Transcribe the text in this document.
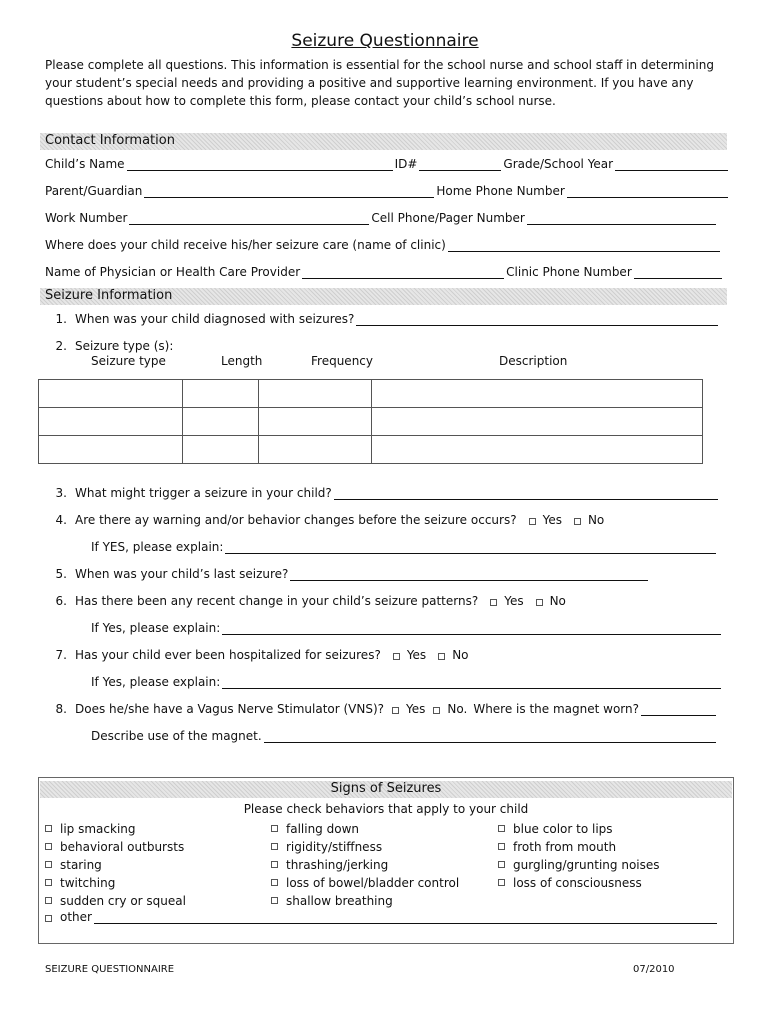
Seizure Questionnaire
Please complete all questions. This information is essential for the school nurse and school staff in determining your student’s special needs and providing a positive and supportive learning environment. If you have any questions about how to complete this form, please contact your child’s school nurse.
Contact Information
Child’s Name	ID#	Grade/School Year
Parent/Guardian	Home Phone Number
Work Number	Cell Phone/Pager Number
Where does your child receive his/her seizure care (name of clinic)
Name of Physician or Health Care Provider	Clinic Phone Number
Seizure Information
1. When was your child diagnosed with seizures?
2. Seizure type (s):
Seizure type	Length	Frequency	Description

3. What might trigger a seizure in your child?
4. Are there ay warning and/or behavior changes before the seizure occurs? Yes No
If YES, please explain:
5. When was your child’s last seizure?
6. Has there been any recent change in your child’s seizure patterns? Yes No
If Yes, please explain:
7. Has your child ever been hospitalized for seizures? Yes No
If Yes, please explain:
8. Does he/she have a Vagus Nerve Stimulator (VNS)? Yes No. Where is the magnet worn?
Describe use of the magnet.
Signs of Seizures
Please check behaviors that apply to your child
lip smacking
behavioral outbursts
staring
twitching
sudden cry or squeal
falling down
rigidity/stiffness
thrashing/jerking
loss of bowel/bladder control
shallow breathing
blue color to lips
froth from mouth
gurgling/grunting noises
loss of consciousness
other
SEIZURE QUESTIONNAIRE	07/2010
